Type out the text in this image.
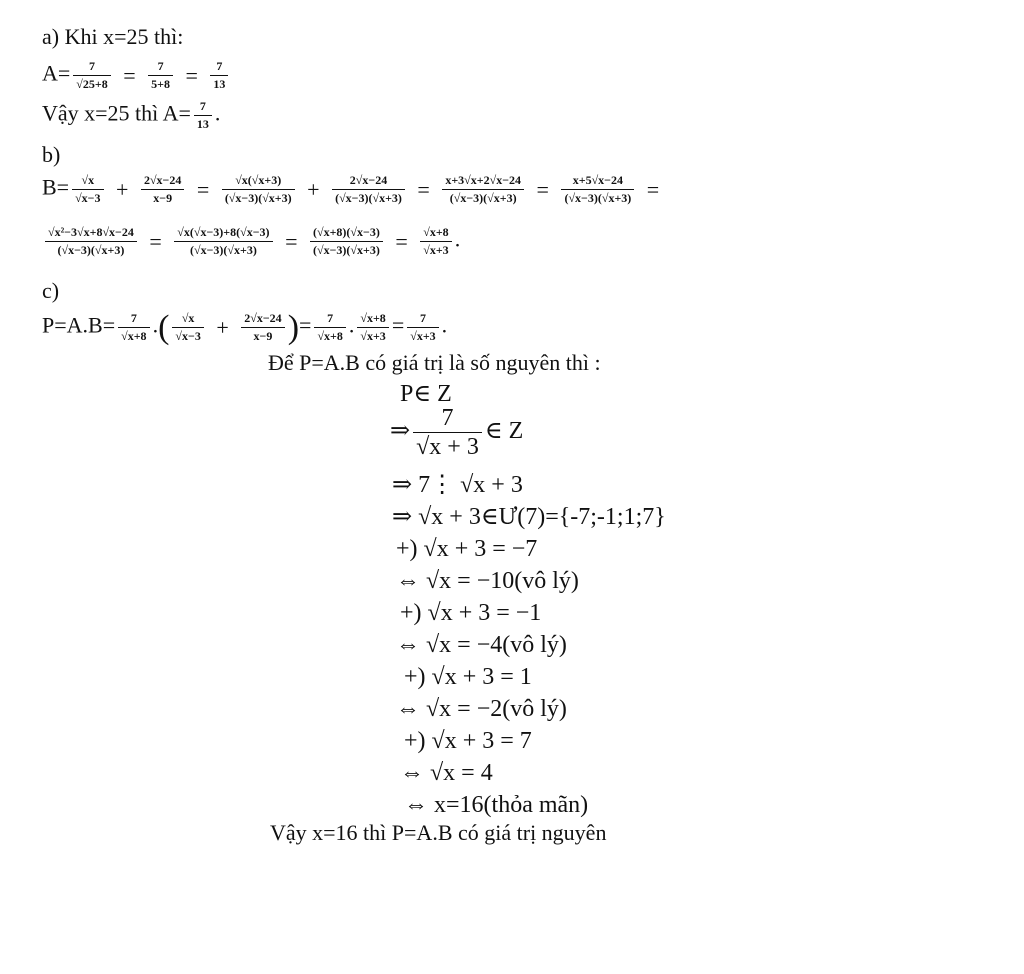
a) Khi x=25 thì:
$A= \frac{7}{√25+8} = \frac{7}{5+8} = \frac{7}{13}$
Vậy x=25 thì $A= \frac{7}{13}$ .
b)
$B= \frac{√x}{√x-3} + \frac{2√x-24}{x-9} = \frac{√x(√x+3)}{(√x-3)(√x+3)} + \frac{2√x-24}{(√x-3)(√x+3)} = \frac{x+3√x+2√x-24}{(√x-3)(√x+3)} = \frac{x+5√x-24}{(√x-3)(√x+3)}$ =
$\frac{\text{√x²−3√x+8√x−24}}{(√x-3)(√x+3)} = \frac{√x(√x-3)+8(√x-3)}{(√x-3)(√x+3)} = \frac{(√x+8)(√x-3)}{(√x-3)(√x+3)} = \frac{√x+8}{√x+3}$ .
c)
$P=A.B= \frac{7}{√x+8}$ .( $\frac{√x}{√x-3} + \frac{2√x-24}{x-9}$ )= $\frac{7}{√x+8}$ . $\frac{√x+8}{√x+3} = \frac{7}{√x+3}$ .
Để P=A.B có giá trị là số nguyên thì :
P∈ Z
⇒ $\frac{7}{√x + 3}$ ∈ Z
⇒ 7⋮ √x + 3
⇒ √x + 3∈Ư(7)={-7;-1;1;7}
+) √x + 3 = −7
⇔ √x = −10(vô lý)
+) √x + 3 = −1
⇔ √x = −4(vô lý)
+) √x + 3 = 1
⇔ √x = −2(vô lý)
+) √x + 3 = 7
⇔ √x = 4
⇔ x=16(thỏa mãn)
Vậy x=16 thì P=A.B có giá trị nguyên
